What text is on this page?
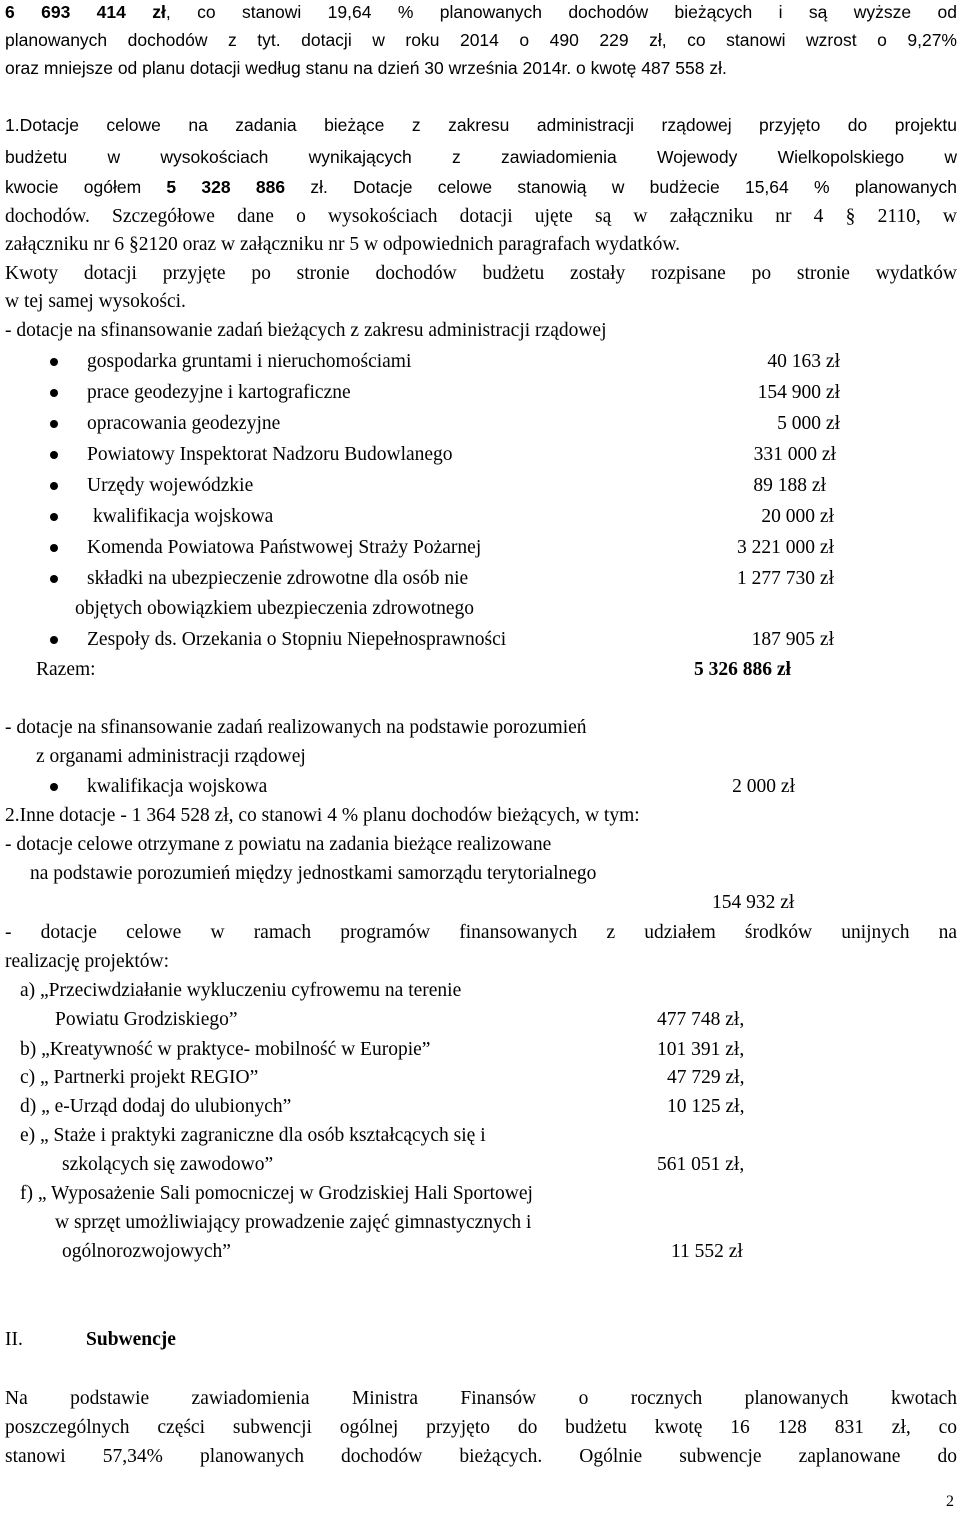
6 693 414 zł, co stanowi 19,64 % planowanych dochodów bieżących i są wyższe od
planowanych dochodów z tyt. dotacji w roku 2014 o 490 229 zł, co stanowi wzrost o 9,27%
oraz mniejsze od planu dotacji według stanu na dzień 30 września 2014r. o kwotę 487 558 zł.
1.Dotacje celowe na zadania bieżące z zakresu administracji rządowej przyjęto do projektu
budżetu w wysokościach wynikających z zawiadomienia Wojewody Wielkopolskiego w
kwocie ogółem 5 328 886 zł. Dotacje celowe stanowią w budżecie 15,64 % planowanych
dochodów. Szczegółowe dane o wysokościach dotacji ujęte są w załączniku nr 4 § 2110, w
załączniku nr 6 §2120 oraz w załączniku nr 5 w odpowiednich paragrafach wydatków.
Kwoty dotacji przyjęte po stronie dochodów budżetu zostały rozpisane po stronie wydatków
w tej samej wysokości.
- dotacje na sfinansowanie zadań bieżących z zakresu administracji rządowej
gospodarka gruntami i nieruchomościami	40 163 zł
prace geodezyjne i kartograficzne	154 900 zł
opracowania geodezyjne	5 000 zł
Powiatowy Inspektorat Nadzoru Budowlanego	331 000 zł
Urzędy wojewódzkie	89 188 zł
kwalifikacja wojskowa	20 000 zł
Komenda Powiatowa Państwowej Straży Pożarnej	3 221 000 zł
składki na ubezpieczenie zdrowotne dla osób nie	1 277 730 zł
objętych obowiązkiem ubezpieczenia zdrowotnego
Zespoły ds. Orzekania o Stopniu Niepełnosprawności	187 905 zł
Razem:	5 326 886 zł
- dotacje na sfinansowanie zadań realizowanych na podstawie porozumień
z organami administracji rządowej
kwalifikacja wojskowa	2 000 zł
2.Inne dotacje - 1 364 528 zł, co stanowi 4 % planu dochodów bieżących, w tym:
- dotacje celowe otrzymane z powiatu na zadania bieżące realizowane
na podstawie porozumień między jednostkami samorządu terytorialnego
154 932 zł
- dotacje celowe w ramach programów finansowanych z udziałem środków unijnych na
realizację projektów:
a) „Przeciwdziałanie wykluczeniu cyfrowemu na terenie
Powiatu Grodziskiego”	477 748 zł,
b) „Kreatywność w praktyce- mobilność w Europie”	101 391 zł,
c) „ Partnerki projekt REGIO”	47 729 zł,
d) „ e-Urząd dodaj do ulubionych”	10 125 zł,
e) „ Staże i praktyki zagraniczne dla osób kształcących się i
szkolących się zawodowo”	561 051 zł,
f) „ Wyposażenie Sali pomocniczej w Grodziskiej Hali Sportowej
w sprzęt umożliwiający prowadzenie zajęć gimnastycznych i
ogólnorozwojowych”	11 552 zł
II.	Subwencje
Na podstawie zawiadomienia Ministra Finansów o rocznych planowanych kwotach
poszczególnych części subwencji ogólnej przyjęto do budżetu kwotę 16 128 831 zł, co
stanowi 57,34% planowanych dochodów bieżących. Ogólnie subwencje zaplanowane do
2
